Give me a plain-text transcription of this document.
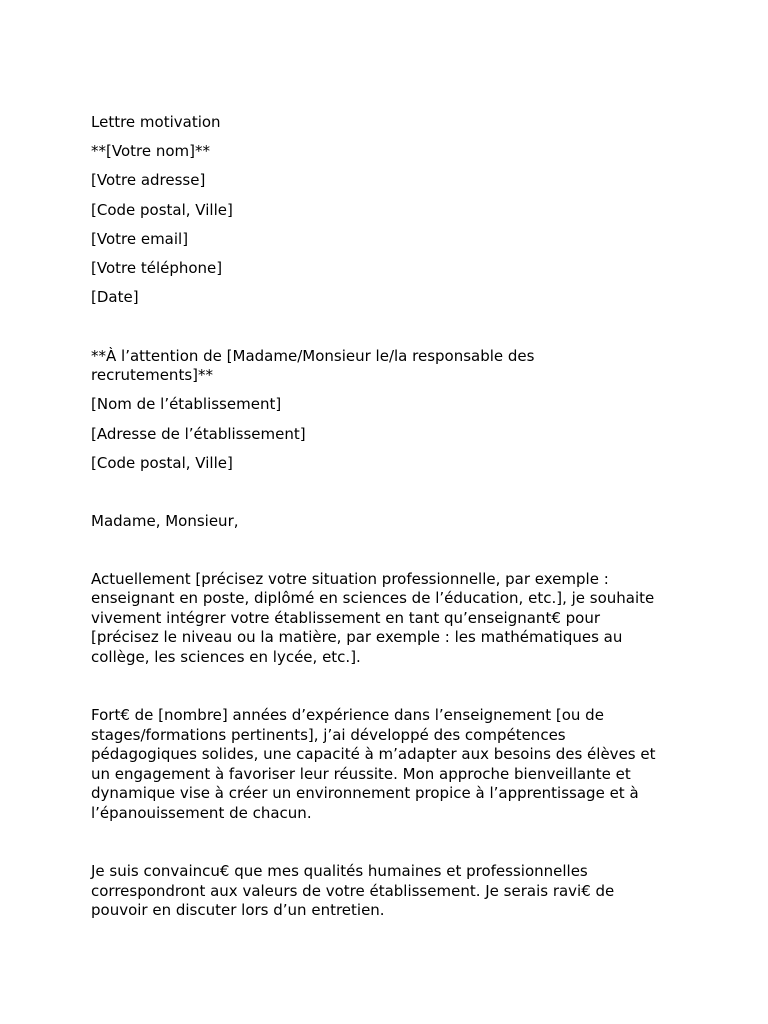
Lettre motivation

**[Votre nom]**

[Votre adresse]

[Code postal, Ville]

[Votre email]

[Votre téléphone]

[Date]

**À l’attention de [Madame/Monsieur le/la responsable des
recrutements]**

[Nom de l’établissement]

[Adresse de l’établissement]

[Code postal, Ville]

Madame, Monsieur,

Actuellement [précisez votre situation professionnelle, par exemple :
enseignant en poste, diplômé en sciences de l’éducation, etc.], je souhaite
vivement intégrer votre établissement en tant qu’enseignant€ pour
[précisez le niveau ou la matière, par exemple : les mathématiques au
collège, les sciences en lycée, etc.].

Fort€ de [nombre] années d’expérience dans l’enseignement [ou de
stages/formations pertinents], j’ai développé des compétences
pédagogiques solides, une capacité à m’adapter aux besoins des élèves et
un engagement à favoriser leur réussite. Mon approche bienveillante et
dynamique vise à créer un environnement propice à l’apprentissage et à
l’épanouissement de chacun.

Je suis convaincu€ que mes qualités humaines et professionnelles
correspondront aux valeurs de votre établissement. Je serais ravi€ de
pouvoir en discuter lors d’un entretien.
